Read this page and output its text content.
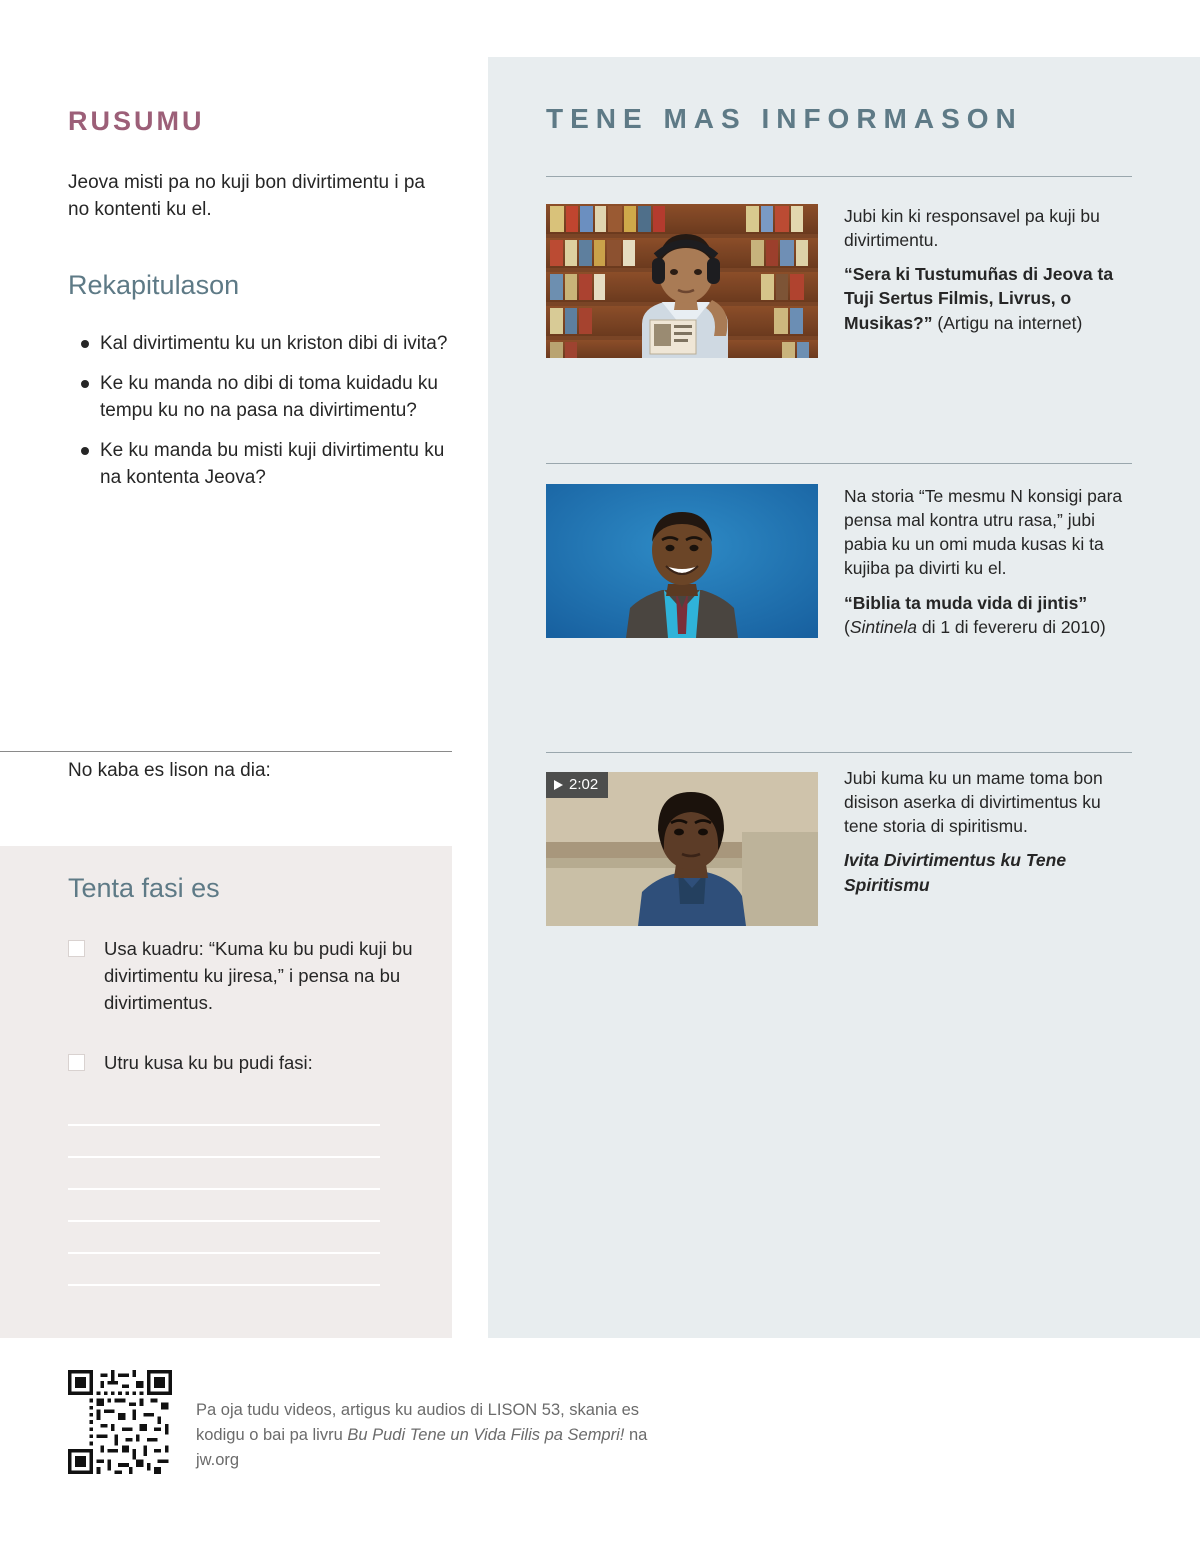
TENE MAS INFORMASON

Jubi kin ki responsavel pa kuji bu divirtimentu.

“Sera ki Tustumuñas di Jeova ta Tuji Sertus Filmis, Livrus, o Musikas?” (Artigu na internet)

Na storia “Te mesmu N konsigi para pensa mal kontra utru rasa,” jubi pabia ku un omi muda kusas ki ta kujiba pa divirti ku el.

“Biblia ta muda vida di jintis”
(Sintinela di 1 di fevereru di 2010)

2:02	Jubi kuma ku un mame toma bon disison aserka di divirtimentus ku tene storia di spiritismu.

Ivita Divirtimentus ku Tene Spiritismu

RUSUMU
Jeova misti pa no kuji bon divirtimentu i pa no kontenti ku el.
Rekapitulason
Kal divirtimentu ku un kriston dibi di ivita?
Ke ku manda no dibi di toma kuidadu ku tempu ku no na pasa na divirtimentu?
Ke ku manda bu misti kuji divirtimentu ku na kontenta Jeova?
No kaba es lison na dia:
Tenta fasi es
Usa kuadru: “Kuma ku bu pudi kuji bu divirtimentu ku jiresa,” i pensa na bu divirtimentus.
Utru kusa ku bu pudi fasi:
Pa oja tudu videos, artigus ku audios di LISON 53, skania es kodigu o bai pa livru Bu Pudi Tene un Vida Filis pa Sempri! na jw.org
